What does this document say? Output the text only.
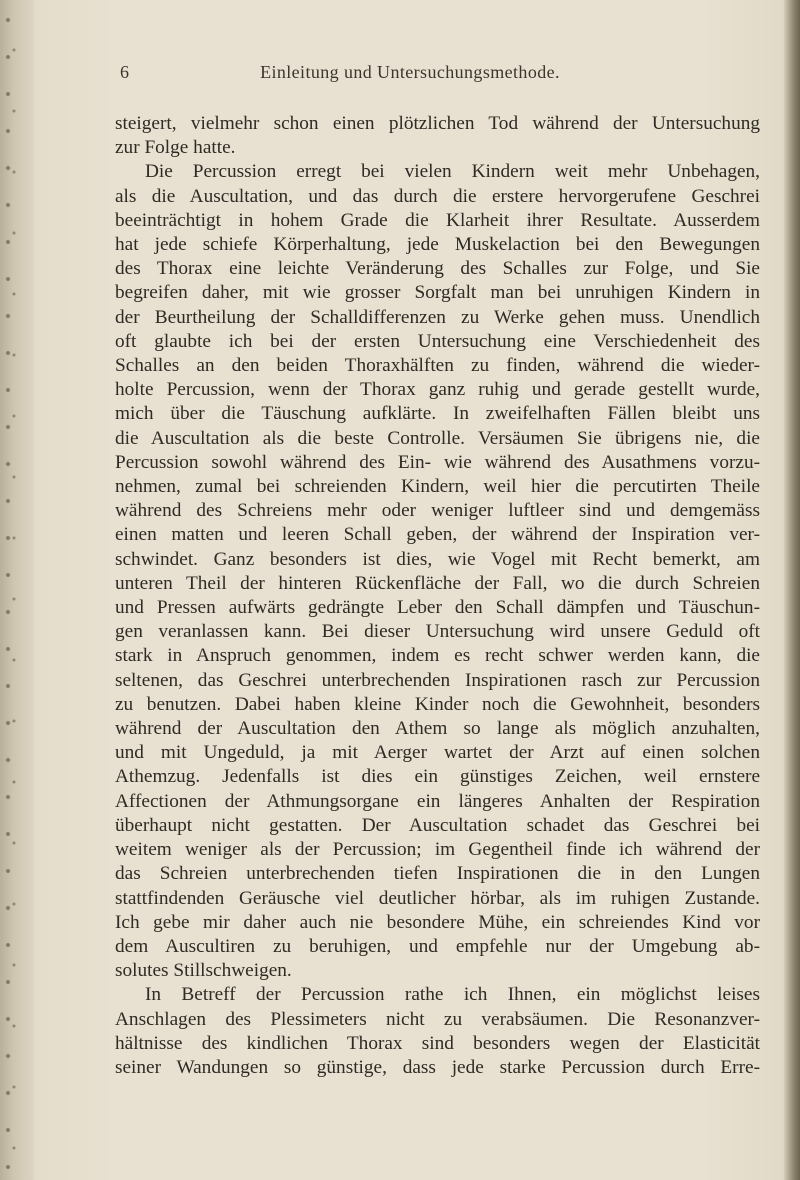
6	Einleitung und Untersuchungsmethode.
steigert, vielmehr schon einen plötzlichen Tod während der Untersuchung
zur Folge hatte.
Die Percussion erregt bei vielen Kindern weit mehr Unbehagen,
als die Auscultation, und das durch die erstere hervorgerufene Geschrei
beeinträchtigt in hohem Grade die Klarheit ihrer Resultate. Ausserdem
hat jede schiefe Körperhaltung, jede Muskelaction bei den Bewegungen
des Thorax eine leichte Veränderung des Schalles zur Folge, und Sie
begreifen daher, mit wie grosser Sorgfalt man bei unruhigen Kindern in
der Beurtheilung der Schalldifferenzen zu Werke gehen muss. Unendlich
oft glaubte ich bei der ersten Untersuchung eine Verschiedenheit des
Schalles an den beiden Thoraxhälften zu finden, während die wieder-
holte Percussion, wenn der Thorax ganz ruhig und gerade gestellt wurde,
mich über die Täuschung aufklärte. In zweifelhaften Fällen bleibt uns
die Auscultation als die beste Controlle. Versäumen Sie übrigens nie, die
Percussion sowohl während des Ein- wie während des Ausathmens vorzu-
nehmen, zumal bei schreienden Kindern, weil hier die percutirten Theile
während des Schreiens mehr oder weniger luftleer sind und demgemäss
einen matten und leeren Schall geben, der während der Inspiration ver-
schwindet. Ganz besonders ist dies, wie Vogel mit Recht bemerkt, am
unteren Theil der hinteren Rückenfläche der Fall, wo die durch Schreien
und Pressen aufwärts gedrängte Leber den Schall dämpfen und Täuschun-
gen veranlassen kann. Bei dieser Untersuchung wird unsere Geduld oft
stark in Anspruch genommen, indem es recht schwer werden kann, die
seltenen, das Geschrei unterbrechenden Inspirationen rasch zur Percussion
zu benutzen. Dabei haben kleine Kinder noch die Gewohnheit, besonders
während der Auscultation den Athem so lange als möglich anzuhalten,
und mit Ungeduld, ja mit Aerger wartet der Arzt auf einen solchen
Athemzug. Jedenfalls ist dies ein günstiges Zeichen, weil ernstere
Affectionen der Athmungsorgane ein längeres Anhalten der Respiration
überhaupt nicht gestatten. Der Auscultation schadet das Geschrei bei
weitem weniger als der Percussion; im Gegentheil finde ich während der
das Schreien unterbrechenden tiefen Inspirationen die in den Lungen
stattfindenden Geräusche viel deutlicher hörbar, als im ruhigen Zustande.
Ich gebe mir daher auch nie besondere Mühe, ein schreiendes Kind vor
dem Auscultiren zu beruhigen, und empfehle nur der Umgebung ab-
solutes Stillschweigen.
In Betreff der Percussion rathe ich Ihnen, ein möglichst leises
Anschlagen des Plessimeters nicht zu verabsäumen. Die Resonanzver-
hältnisse des kindlichen Thorax sind besonders wegen der Elasticität
seiner Wandungen so günstige, dass jede starke Percussion durch Erre-
